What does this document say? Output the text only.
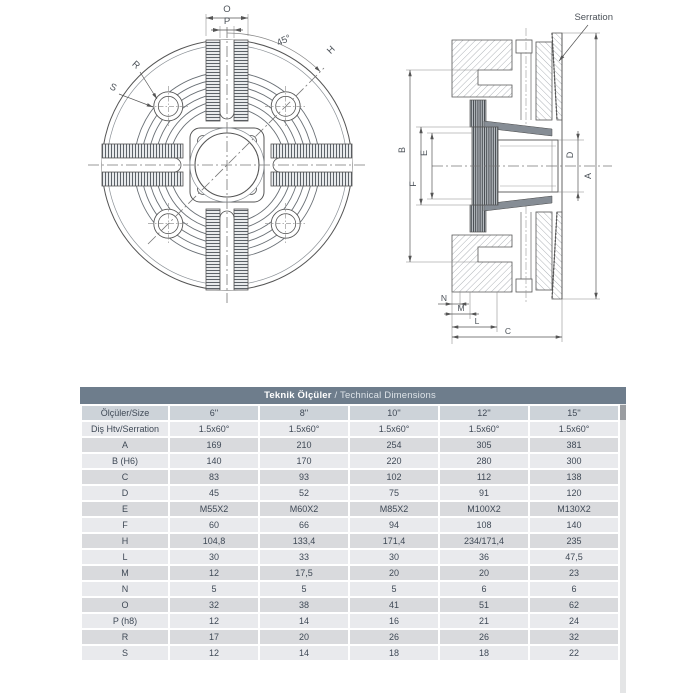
O
P
45°
H
R
S
B
F
E	D
A
Serration
N
M
L
C
Teknik Ölçüler / Technical Dimensions
Ölçüler/Size	6''	8''	10''	12''	15''
Diş Htv/Serration	1.5x60°	1.5x60°	1.5x60°	1.5x60°	1.5x60°
A	169	210	254	305	381
B (H6)	140	170	220	280	300
C	83	93	102	112	138
D	45	52	75	91	120
E	M55X2	M60X2	M85X2	M100X2	M130X2
F	60	66	94	108	140
H	104,8	133,4	171,4	234/171,4	235
L	30	33	30	36	47,5
M	12	17,5	20	20	23
N	5	5	5	6	6
O	32	38	41	51	62
P (h8)	12	14	16	21	24
R	17	20	26	26	32
S	12	14	18	18	22
